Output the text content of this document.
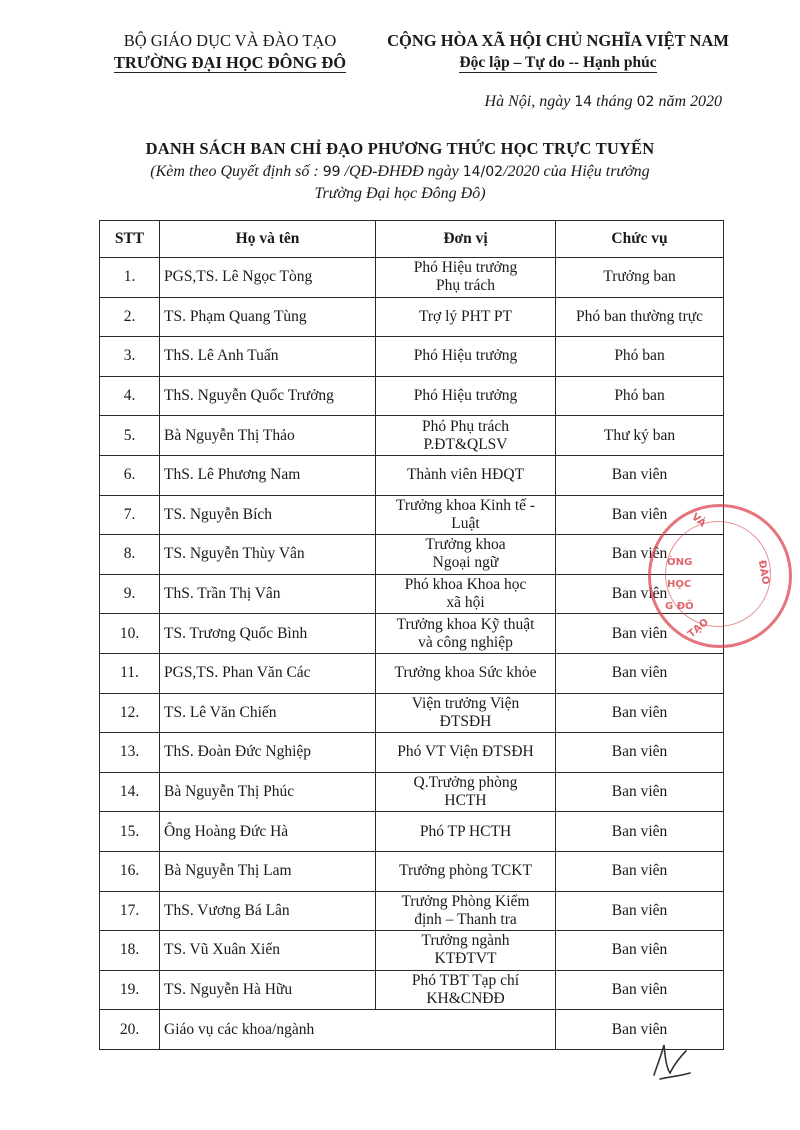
BỘ GIÁO DỤC VÀ ĐÀO TẠO
TRƯỜNG ĐẠI HỌC ĐÔNG ĐÔ
CỘNG HÒA XÃ HỘI CHỦ NGHĨA VIỆT NAM
Độc lập – Tự do -- Hạnh phúc
Hà Nội, ngày 14 tháng 02 năm 2020
DANH SÁCH BAN CHỈ ĐẠO PHƯƠNG THỨC HỌC TRỰC TUYẾN
(Kèm theo Quyết định số : 99 /QĐ-ĐHĐĐ ngày 14/02/2020 của Hiệu trưởng
Trường Đại học Đông Đô)
STT	Họ và tên	Đơn vị	Chức vụ
1.	PGS,TS. Lê Ngọc Tòng	Phó Hiệu trưởng
Phụ trách	Trưởng ban
2.	TS. Phạm Quang Tùng	Trợ lý PHT PT	Phó ban thường trực
3.	ThS. Lê Anh Tuấn	Phó Hiệu trưởng	Phó ban
4.	ThS. Nguyễn Quốc Trưởng	Phó Hiệu trưởng	Phó ban
5.	Bà Nguyễn Thị Thảo	Phó Phụ trách
P.ĐT&QLSV	Thư ký ban
6.	ThS. Lê Phương Nam	Thành viên HĐQT	Ban viên
7.	TS. Nguyễn Bích	Trưởng khoa Kinh tế -
Luật	Ban viên
8.	TS. Nguyễn Thùy Vân	Trưởng khoa
Ngoại ngữ	Ban viên
9.	ThS. Trần Thị Vân	Phó khoa Khoa học
xã hội	Ban viên
10.	TS. Trương Quốc Bình	Trưởng khoa Kỹ thuật
và công nghiệp	Ban viên
11.	PGS,TS. Phan Văn Các	Trưởng khoa Sức khỏe	Ban viên
12.	TS. Lê Văn Chiến	Viện trưởng Viện
ĐTSĐH	Ban viên
13.	ThS. Đoàn Đức Nghiệp	Phó VT Viện ĐTSĐH	Ban viên
14.	Bà Nguyễn Thị Phúc	Q.Trưởng phòng
HCTH	Ban viên
15.	Ông Hoàng Đức Hà	Phó TP HCTH	Ban viên
16.	Bà Nguyễn Thị Lam	Trưởng phòng TCKT	Ban viên
17.	ThS. Vương Bá Lân	Trưởng Phòng Kiểm
định – Thanh tra	Ban viên
18.	TS. Vũ Xuân Xiển	Trưởng ngành
KTĐTVT	Ban viên
19.	TS. Nguyễn Hà Hữu	Phó TBT Tạp chí
KH&CNĐĐ	Ban viên
20.	Giáo vụ các khoa/ngành		Ban viên
VÀ
ĐÀO
ỜNG
HỌC
G ĐÔ
TẠO
